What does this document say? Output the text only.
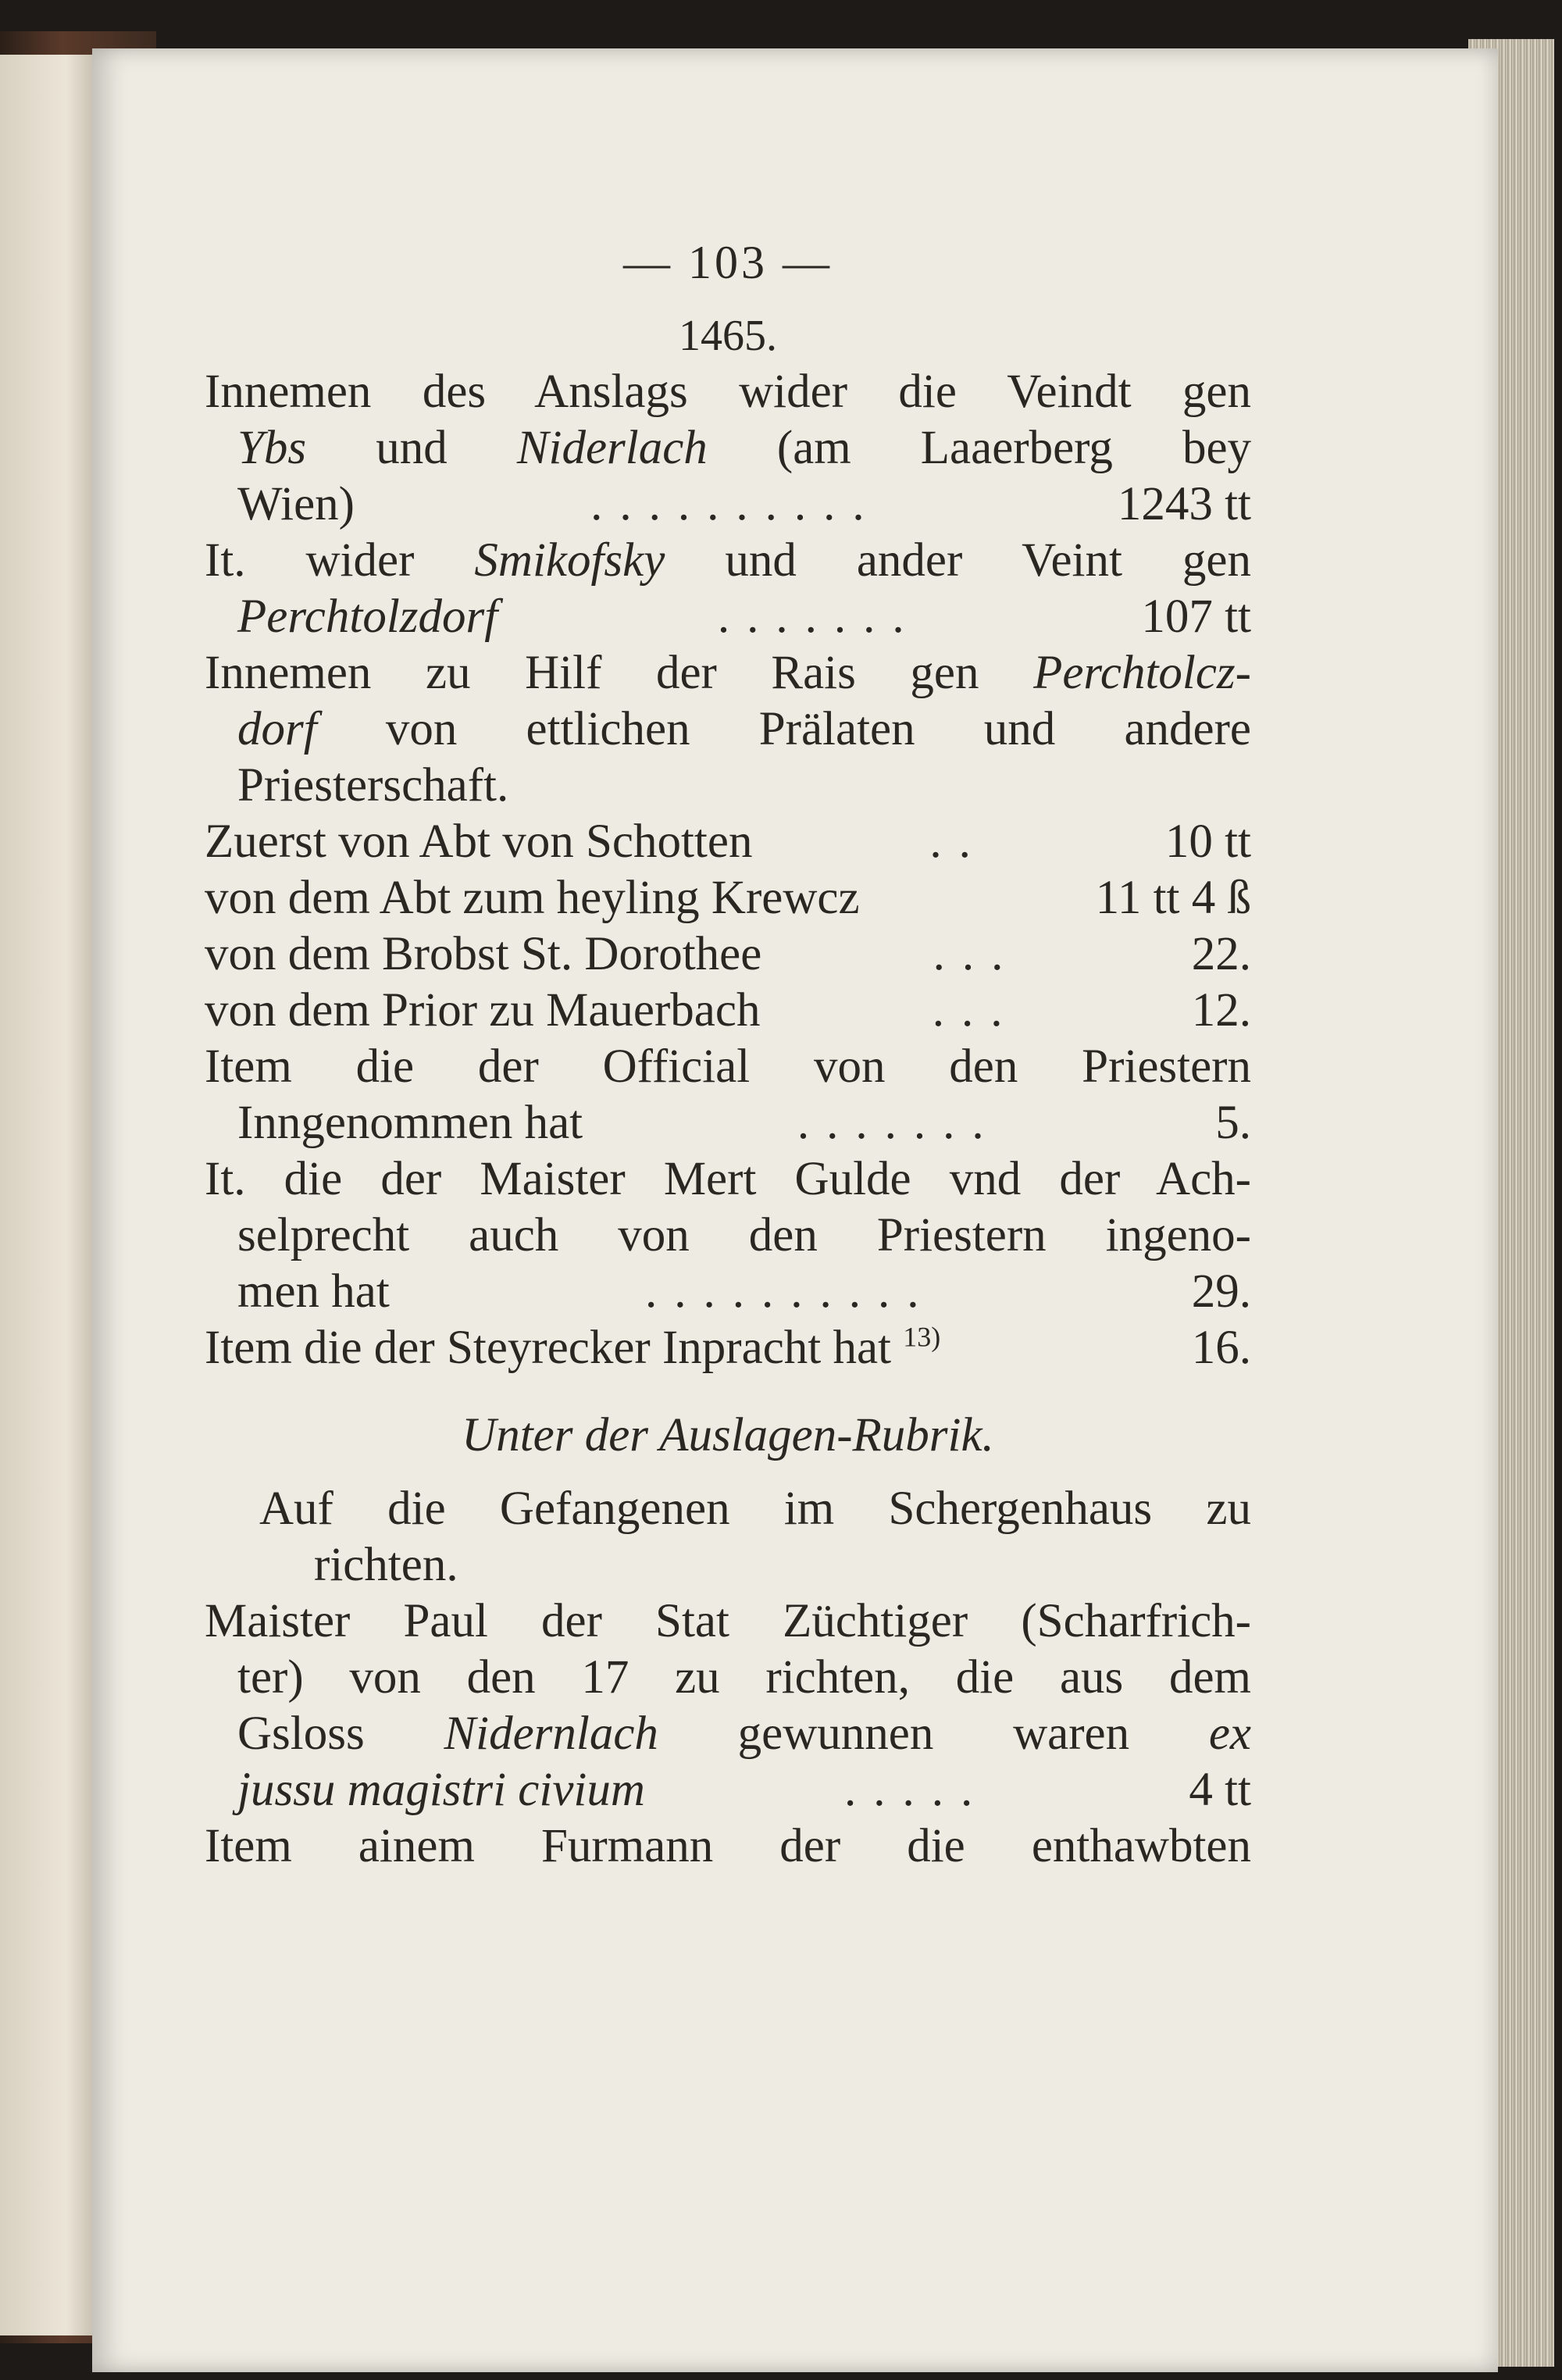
— 103 —
1465.
Innemen des Anslags wider die Veindt gen
Ybs und Niderlach (am Laaerberg bey
Wien)	..........	1243 tt
It. wider Smikofsky und ander Veint gen
Perchtolzdorf	.......	107 tt
Innemen zu Hilf der Rais gen Perchtolcz-
dorf von ettlichen Prälaten und andere
Priesterschaft.
Zuerst von Abt von Schotten	..	10 tt
von dem Abt zum heyling Krewcz	11 tt 4 ß
von dem Brobst St. Dorothee	...	22.
von dem Prior zu Mauerbach	...	12.
Item die der Official von den Priestern
Inngenommen hat	.......	5.
It. die der Maister Mert Gulde vnd der Ach-
selprecht auch von den Priestern ingeno-
men hat	..........	29.
Item die der Steyrecker Inpracht hat $^{13)}$	16.
Unter der Auslagen-Rubrik.
Auf die Gefangenen im Schergenhaus zu
richten.
Maister Paul der Stat Züchtiger (Scharfrich-
ter) von den 17 zu richten, die aus dem
Gsloss Nidernlach gewunnen waren ex
jussu magistri civium	.....	4 tt
Item ainem Furmann der die enthawbten
